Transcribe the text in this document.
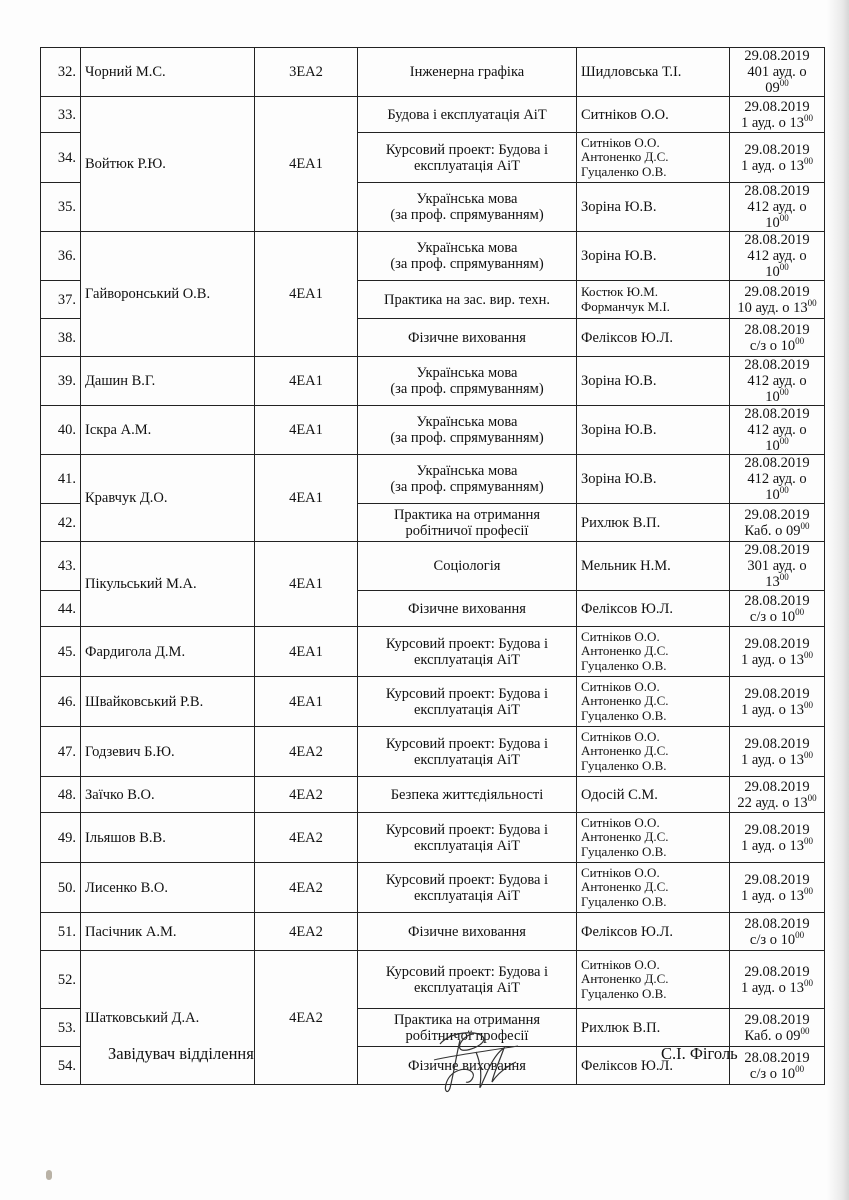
32.	Чорний М.С.	3ЕА2	Інженерна графіка	Шидловська Т.І.	29.08.2019
401 ауд. о $09^{00}$

33.	Войтюк Р.Ю.	4ЕА1	Будова і експлуатація АіТ	Ситніков О.О.	29.08.2019
1 ауд. о $13^{00}$

34.			Курсовий проект: Будова і
експлуатація АіТ	Ситніков О.О.
Антоненко Д.С.
Гуцаленко О.В.	29.08.2019
1 ауд. о $13^{00}$

35.			Українська мова
(за проф. спрямуванням)	Зоріна Ю.В.	28.08.2019
412 ауд. о $10^{00}$

36.	Гайворонський О.В.	4ЕА1	Українська мова
(за проф. спрямуванням)	Зоріна Ю.В.	28.08.2019
412 ауд. о $10^{00}$

37.			Практика на зас. вир. техн.	Костюк Ю.М.
Форманчук М.І.	29.08.2019
10 ауд. о $13^{00}$

38.			Фізичне виховання	Феліксов Ю.Л.	28.08.2019
с/з о $10^{00}$

39.	Дашин В.Г.	4ЕА1	Українська мова
(за проф. спрямуванням)	Зоріна Ю.В.	28.08.2019
412 ауд. о $10^{00}$

40.	Іскра А.М.	4ЕА1	Українська мова
(за проф. спрямуванням)	Зоріна Ю.В.	28.08.2019
412 ауд. о $10^{00}$

41.	Кравчук Д.О.	4ЕА1	Українська мова
(за проф. спрямуванням)	Зоріна Ю.В.	28.08.2019
412 ауд. о $10^{00}$

42.			Практика на отримання
робітничої професії	Рихлюк В.П.	29.08.2019
Каб. о $09^{00}$

43.	Пікульський М.А.	4ЕА1	Соціологія	Мельник Н.М.	29.08.2019
301 ауд. о $13^{00}$

44.			Фізичне виховання	Феліксов Ю.Л.	28.08.2019
с/з о $10^{00}$

45.	Фардигола Д.М.	4ЕА1	Курсовий проект: Будова і
експлуатація АіТ	Ситніков О.О.
Антоненко Д.С.
Гуцаленко О.В.	29.08.2019
1 ауд. о $13^{00}$

46.	Швайковський Р.В.	4ЕА1	Курсовий проект: Будова і
експлуатація АіТ	Ситніков О.О.
Антоненко Д.С.
Гуцаленко О.В.	29.08.2019
1 ауд. о $13^{00}$

47.	Годзевич Б.Ю.	4ЕА2	Курсовий проект: Будова і
експлуатація АіТ	Ситніков О.О.
Антоненко Д.С.
Гуцаленко О.В.	29.08.2019
1 ауд. о $13^{00}$

48.	Заїчко В.О.	4ЕА2	Безпека життєдіяльності	Одосій С.М.	29.08.2019
22 ауд. о $13^{00}$

49.	Ільяшов В.В.	4ЕА2	Курсовий проект: Будова і
експлуатація АіТ	Ситніков О.О.
Антоненко Д.С.
Гуцаленко О.В.	29.08.2019
1 ауд. о $13^{00}$

50.	Лисенко В.О.	4ЕА2	Курсовий проект: Будова і
експлуатація АіТ	Ситніков О.О.
Антоненко Д.С.
Гуцаленко О.В.	29.08.2019
1 ауд. о $13^{00}$

51.	Пасічник А.М.	4ЕА2	Фізичне виховання	Феліксов Ю.Л.	28.08.2019
с/з о $10^{00}$

52.	Шатковський Д.А.	4ЕА2	Курсовий проект: Будова і
експлуатація АіТ	Ситніков О.О.
Антоненко Д.С.
Гуцаленко О.В.	29.08.2019
1 ауд. о $13^{00}$

53.			Практика на отримання
робітничої професії	Рихлюк В.П.	29.08.2019
Каб. о $09^{00}$

54.			Фізичне виховання	Феліксов Ю.Л.	28.08.2019
с/з о $10^{00}$
Завідувач відділення	С.І. Фіголь
